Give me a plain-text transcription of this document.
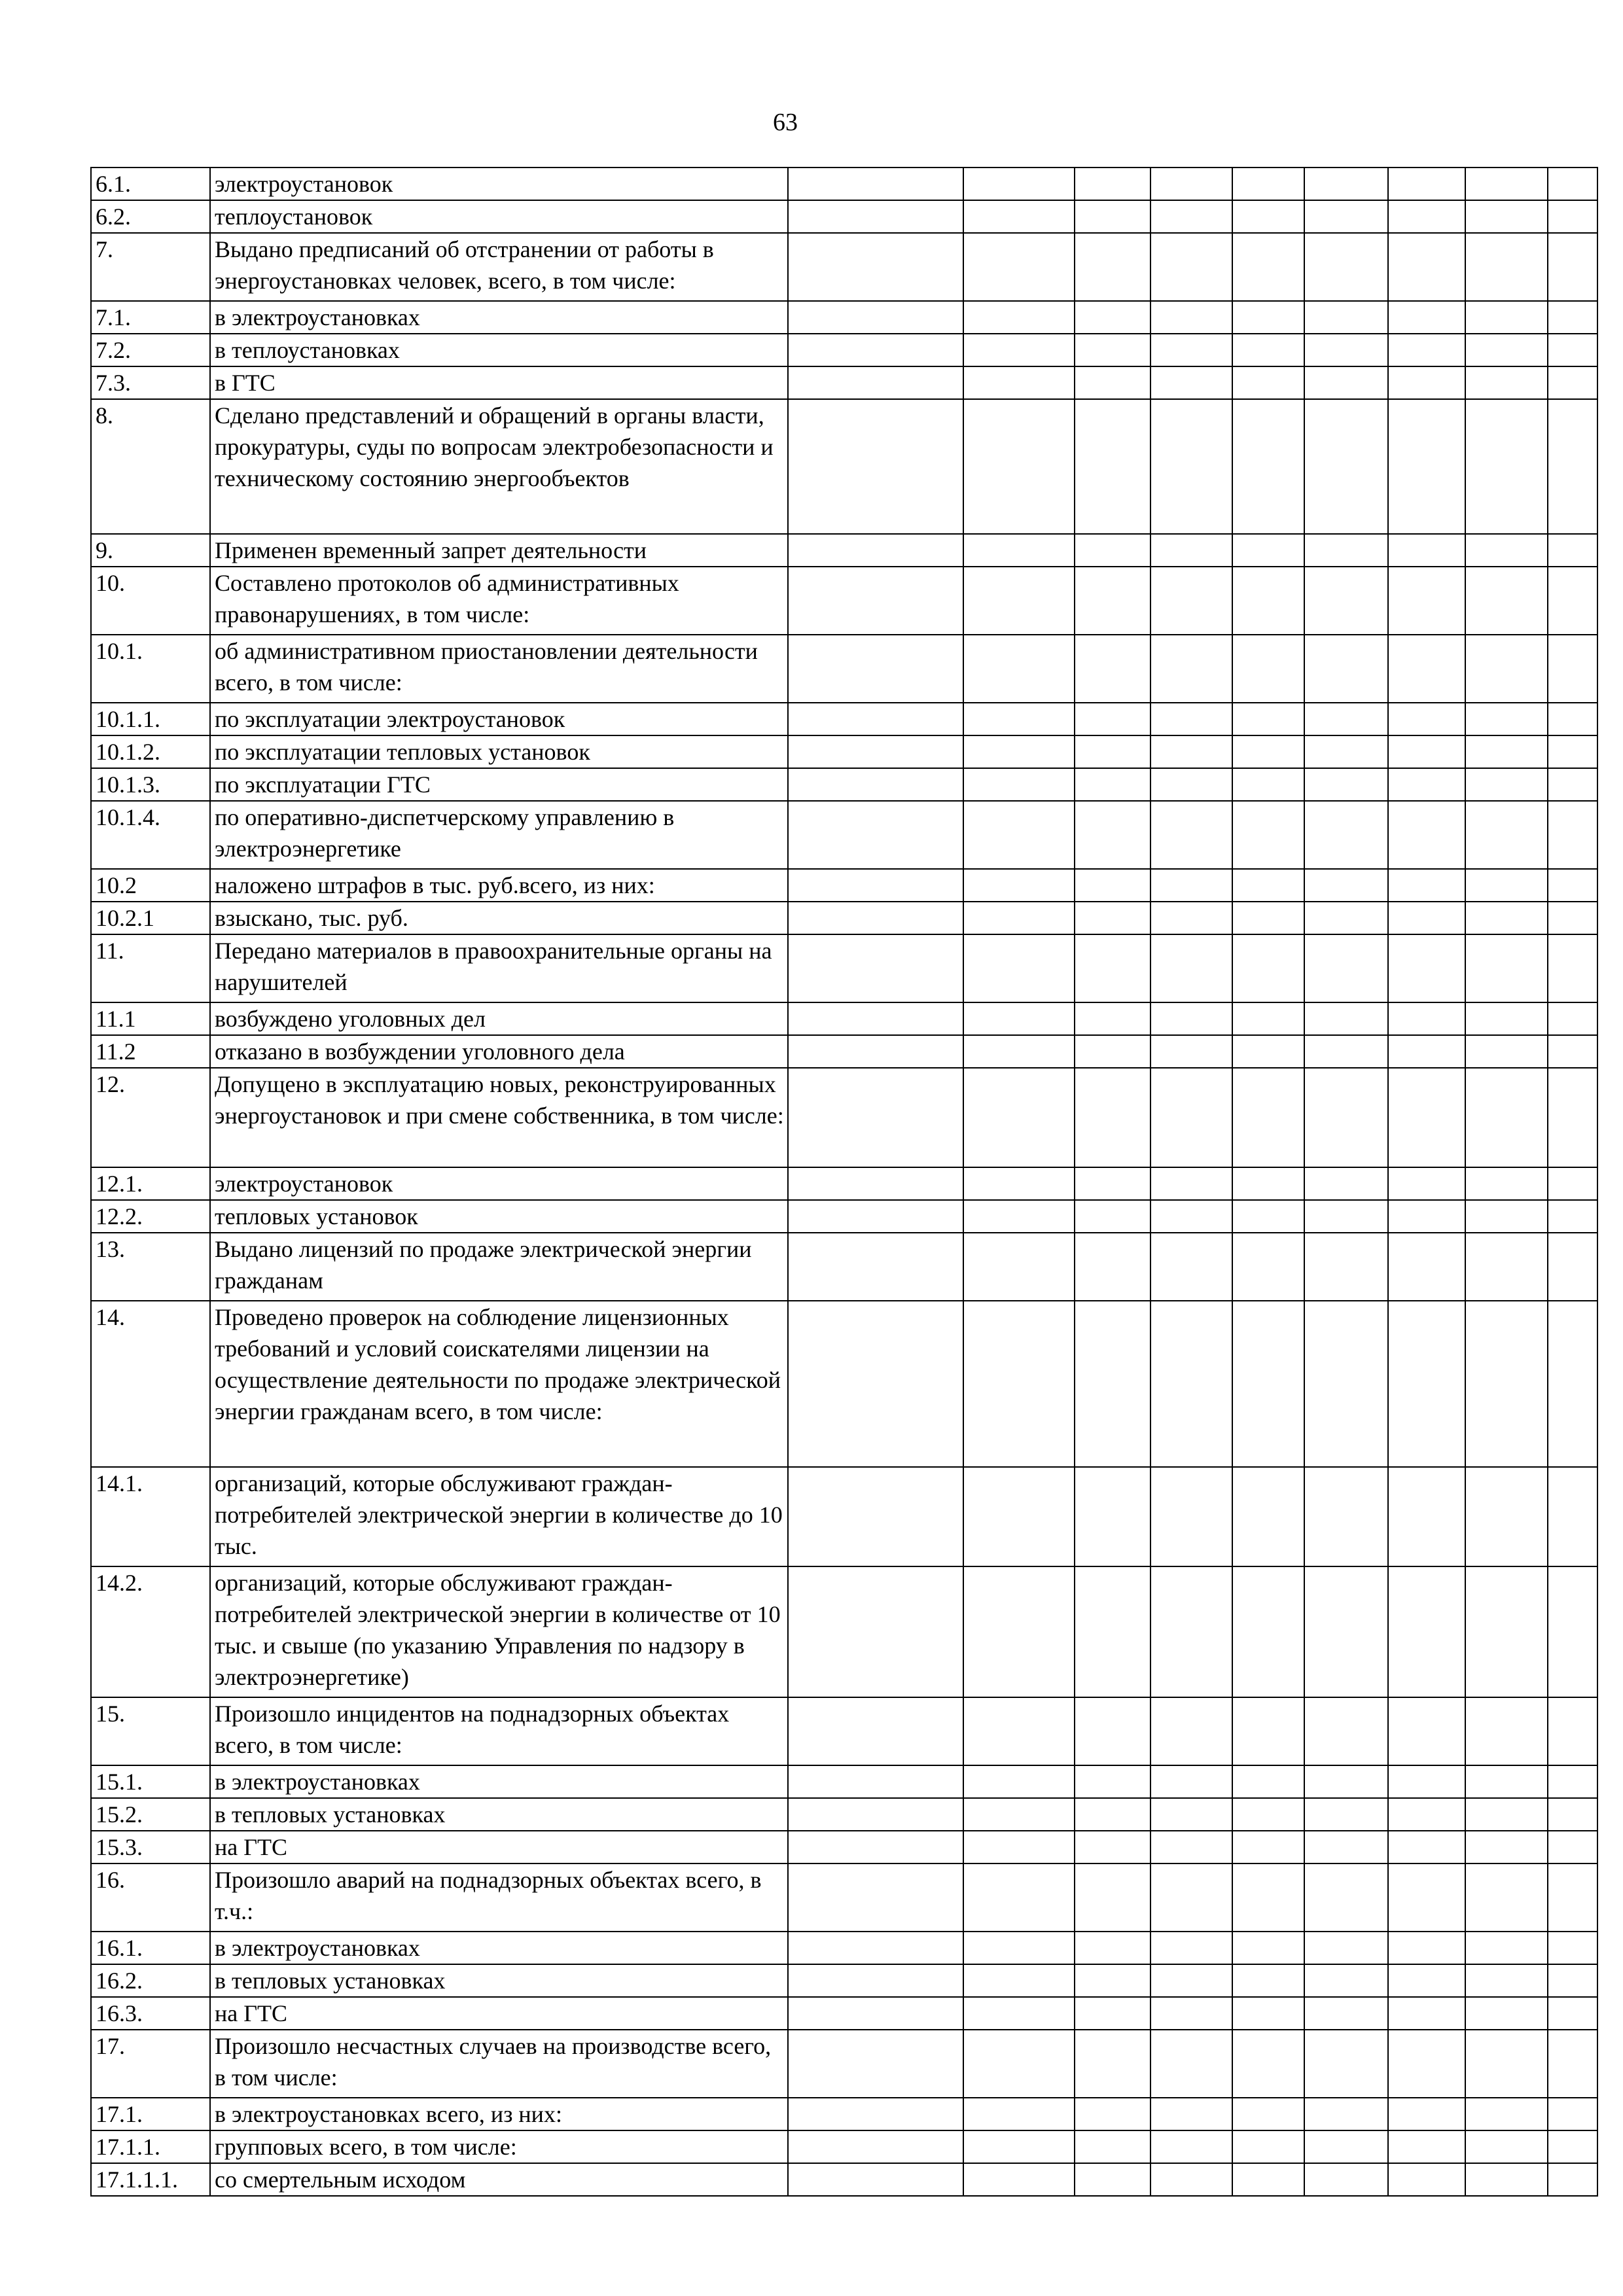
63
6.1.	электроустановок									
6.2.	теплоустановок									
7.	Выдано предписаний об отстранении от работы в энергоустановках человек, всего, в том числе:									
7.1.	в электроустановках									
7.2.	в теплоустановках									
7.3.	в ГТС									
8.	Сделано представлений и обращений в органы власти, прокуратуры, суды по вопросам электробезопасности и техническому состоянию энергообъектов									
9.	Применен временный запрет деятельности									
10.	Составлено протоколов об административных правонарушениях, в том числе:									
10.1.	об административном приостановлении деятельности всего, в том числе:									
10.1.1.	по эксплуатации электроустановок									
10.1.2.	по эксплуатации тепловых установок									
10.1.3.	по эксплуатации ГТС									
10.1.4.	по оперативно-диспетчерскому управлению в электроэнергетике									
10.2	наложено штрафов в тыс. руб.всего, из них:									
10.2.1	взыскано, тыс. руб.									
11.	Передано материалов в правоохранительные органы на нарушителей									
11.1	возбуждено уголовных дел									
11.2	отказано в возбуждении уголовного дела									
12.	Допущено в эксплуатацию новых, реконструированных энергоустановок и при смене собственника, в том числе:									
12.1.	электроустановок									
12.2.	тепловых установок									
13.	Выдано лицензий по продаже электрической энергии гражданам									
14.	Проведено проверок на соблюдение лицензионных требований и условий соискателями лицензии на осуществление деятельности по продаже электрической энергии гражданам всего, в том числе:									
14.1.	организаций, которые обслуживают граждан-потребителей электрической энергии в количестве до 10 тыс.									
14.2.	организаций, которые обслуживают граждан-потребителей электрической энергии в количестве от 10 тыс. и свыше (по указанию Управления по надзору в электроэнергетике)									
15.	Произошло инцидентов на поднадзорных объектах всего, в том числе:									
15.1.	в электроустановках									
15.2.	в тепловых установках									
15.3.	на ГТС									
16.	Произошло аварий на поднадзорных объектах всего, в т.ч.:									
16.1.	в электроустановках									
16.2.	в тепловых установках									
16.3.	на ГТС									
17.	Произошло несчастных случаев на производстве всего, в том числе:									
17.1.	в электроустановках всего, из них:									
17.1.1.	групповых всего, в том числе:									
17.1.1.1.	со смертельным исходом									
